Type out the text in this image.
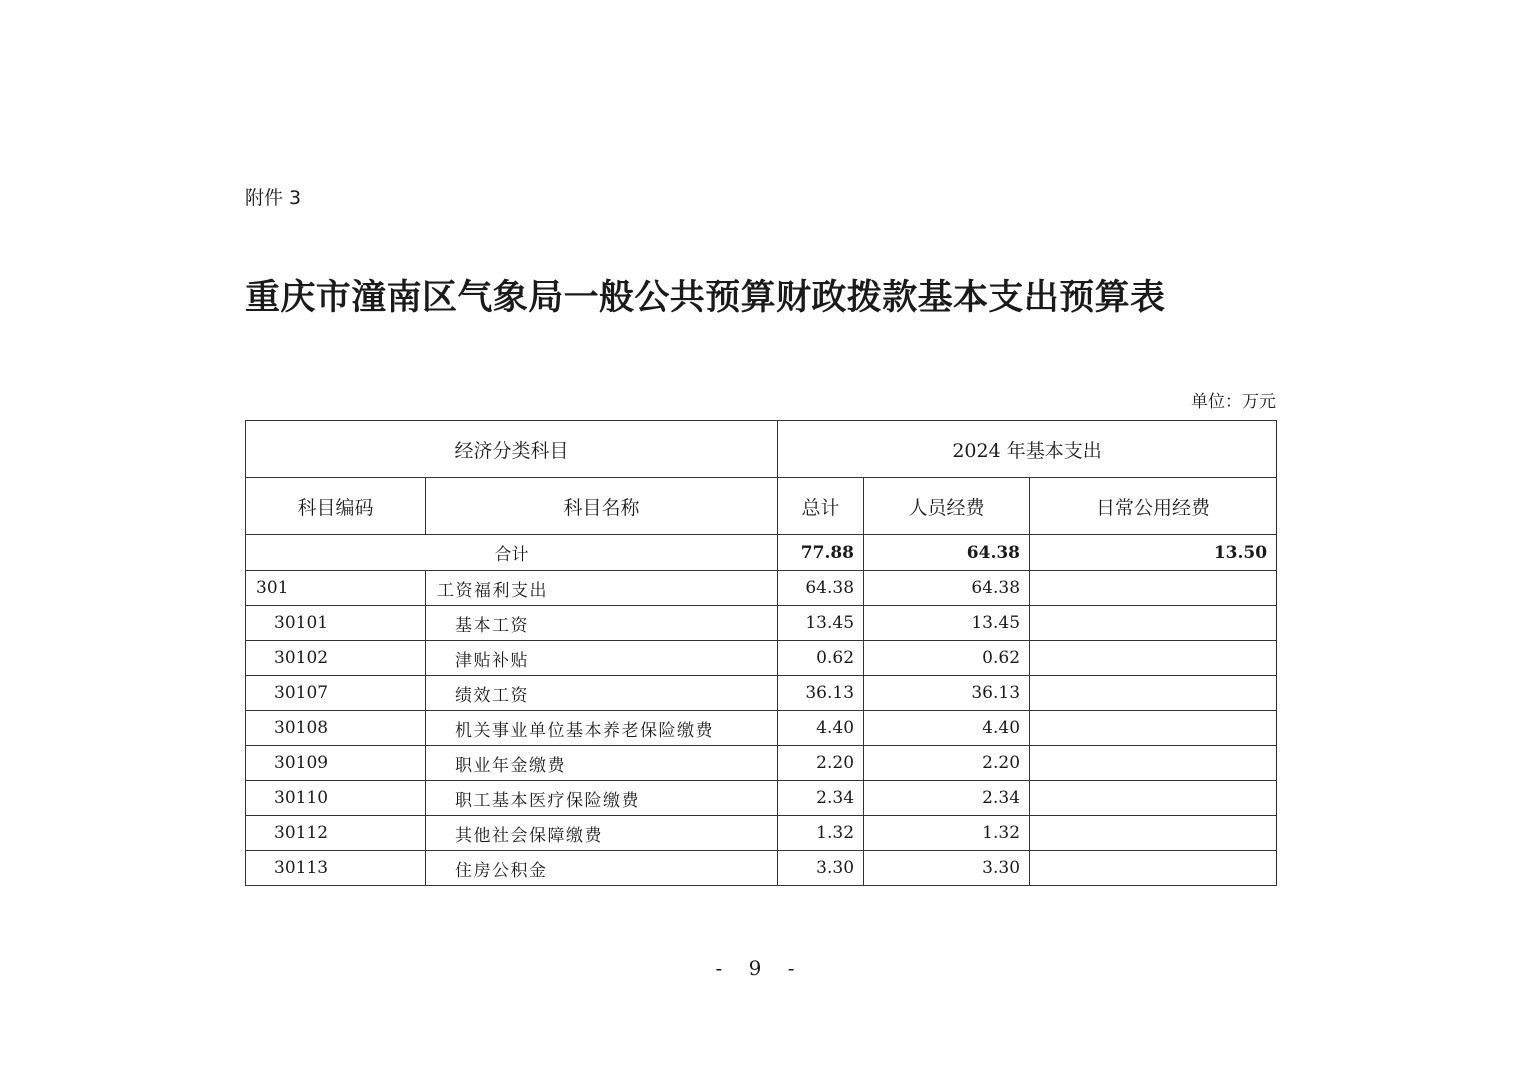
附件 3
重庆市潼南区气象局一般公共预算财政拨款基本支出预算表
单位：万元
经济分类科目		2024 年基本支出		
科目编码	科目名称	总计	人员经费	日常公用经费
合计		77.88	64.38	13.50
301	工资福利支出	64.38	64.38	
30101	基本工资	13.45	13.45	
30102	津贴补贴	0.62	0.62	
30107	绩效工资	36.13	36.13	
30108	机关事业单位基本养老保险缴费	4.40	4.40	
30109	职业年金缴费	2.20	2.20	
30110	职工基本医疗保险缴费	2.34	2.34	
30112	其他社会保障缴费	1.32	1.32	
30113	住房公积金	3.30	3.30	
- 9 -
